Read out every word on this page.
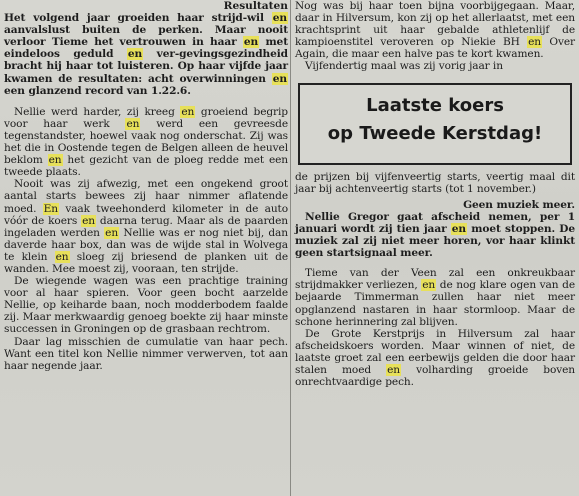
Resultaten

Het volgend jaar groeiden haar strijd-wil en aanvalslust buiten de perken. Maar nooit verloor Tieme het vertrouwen in haar en met eindeloos geduld en ver-gevingsgezindheid bracht hij haar tot luisteren. Op haar vijfde jaar kwamen de resultaten: acht overwinningen en een glanzend record van 1.22.6.

Nellie werd harder, zij kreeg en groeiend begrip voor haar werk en werd een gevreesde tegenstandster, hoewel vaak nog onderschat. Zij was het die in Oostende tegen de Belgen alleen de heuvel beklom en het gezicht van de ploeg redde met een tweede plaats.

Nooit was zij afwezig, met een ongekend groot aantal starts bewees zij haar nimmer aflatende moed. En vaak tweehonderd kilometer in de auto vóór de koers en daarna terug. Maar als de paarden ingeladen werden en Nellie was er nog niet bij, dan daverde haar box, dan was de wijde stal in Wolvega te klein en sloeg zij briesend de planken uit de wanden. Mee moest zij, vooraan, ten strijde.

De wiegende wagen was een prachtige training voor al haar spieren. Voor geen bocht aarzelde Nellie, op keiharde baan, noch modderbodem faalde zij. Maar merkwaardig genoeg boekte zij haar minste successen in Groningen op de grasbaan rechtrom.

Daar lag misschien de cumulatie van haar pech. Want een titel kon Nellie nimmer verwerven, tot aan haar negende jaar.

Nog was bij haar toen bijna voorbijgegaan. Maar, daar in Hilversum, kon zij op het allerlaatst, met een krachtsprint uit haar gebalde athletenlijf de kampioenstitel veroveren op Niekie BH en Over Again, die maar een halve pas te kort kwamen.

Vijfendertig maal was zij vorig jaar in

Laatste koers
op Tweede Kerstdag!

de prijzen bij vijfenveertig starts, veertig maal dit jaar bij achtenveertig starts (tot 1 november.)

Geen muziek meer.

Nellie Gregor gaat afscheid nemen, per 1 januari wordt zij tien jaar en moet stoppen. De muziek zal zij niet meer horen, vor haar klinkt geen startsignaal meer.

Tieme van der Veen zal een onkreukbaar strijdmakker verliezen, en de nog klare ogen van de bejaarde Timmerman zullen haar niet meer opglanzend nastaren in haar stormloop. Maar de schone herinnering zal blijven.

De Grote Kerstprijs in Hilversum zal haar afscheidskoers worden. Maar winnen of niet, de laatste groet zal een eerbewijs gelden die door haar stalen moed en volharding groeide boven onrechtvaardige pech.
